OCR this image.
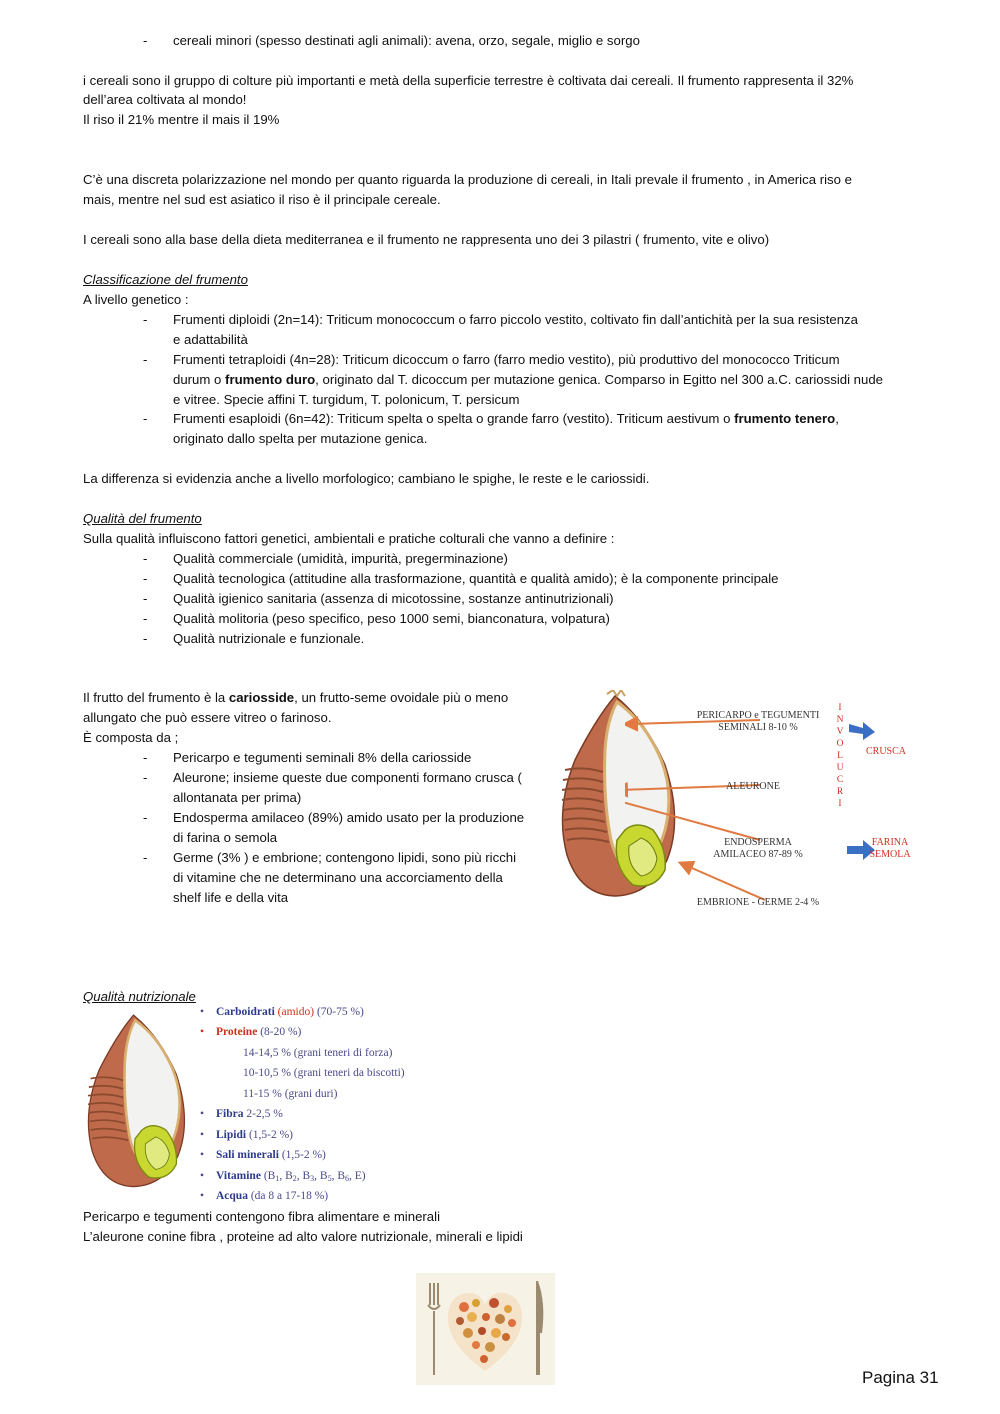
-	cereali minori (spesso destinati agli animali): avena, orzo, segale, miglio e sorgo
i cereali sono il gruppo di colture più importanti e metà della superficie terrestre è coltivata dai cereali. Il frumento rappresenta il 32%
dell’area coltivata al mondo!
Il riso il 21% mentre il mais il 19%
C’è una discreta polarizzazione nel mondo per quanto riguarda la produzione di cereali, in Itali prevale il frumento , in America riso e
mais, mentre nel sud est asiatico il riso è il principale cereale.
I cereali sono alla base della dieta mediterranea e il frumento ne rappresenta uno dei 3 pilastri ( frumento, vite e olivo)
Classificazione del frumento
A livello genetico :
-	Frumenti diploidi (2n=14): Triticum monococcum o farro piccolo vestito, coltivato fin dall’antichità per la sua resistenza
e adattabilità
-	Frumenti tetraploidi (4n=28): Triticum dicoccum o farro (farro medio vestito), più produttivo del monococco Triticum
durum o frumento duro, originato dal T. dicoccum per mutazione genica. Comparso in Egitto nel 300 a.C. cariossidi nude
e vitree. Specie affini T. turgidum, T. polonicum, T. persicum
-	Frumenti esaploidi (6n=42): Triticum spelta o spelta o grande farro (vestito). Triticum aestivum o frumento tenero,
originato dallo spelta per mutazione genica.
La differenza si evidenzia anche a livello morfologico; cambiano le spighe, le reste e le cariossidi.
Qualità del frumento
Sulla qualità influiscono fattori genetici, ambientali e pratiche colturali che vanno a definire :
-	Qualità commerciale (umidità, impurità, pregerminazione)
-	Qualità tecnologica (attitudine alla trasformazione, quantità e qualità amido); è la componente principale
-	Qualità igienico sanitaria (assenza di micotossine, sostanze antinutrizionali)
-	Qualità molitoria (peso specifico, peso 1000 semi, bianconatura, volpatura)
-	Qualità nutrizionale e funzionale.
Il frutto del frumento è la cariosside, un frutto-seme ovoidale più o meno
allungato che può essere vitreo o farinoso.
È composta da ;
-	Pericarpo e tegumenti seminali 8% della cariosside
-	Aleurone; insieme queste due componenti formano crusca (
allontanata per prima)
-	Endosperma amilaceo (89%) amido usato per la produzione
di farina o semola
-	Germe (3% ) e embrione; contengono lipidi, sono più ricchi
di vitamine che ne determinano una accorciamento della
shelf life e della vita
PERICARPO e TEGUMENTI
SEMINALI 8-10 %
ALEURONE
ENDOSPERMA
AMILACEO 87-89 %
EMBRIONE - GERME 2-4 %
I
N
V
O
L
U
C
R
I
CRUSCA
FARINA
SEMOLA
Qualità nutrizionale
• Carboidrati (amido) (70-75 %)
• Proteine (8-20 %)
14-14,5 % (grani teneri di forza)
10-10,5 % (grani teneri da biscotti)
11-15 % (grani duri)
• Fibra 2-2,5 %
• Lipidi (1,5-2 %)
• Sali minerali (1,5-2 %)
• Vitamine ($B_1$, $B_2$, $B_3$, $B_5$, $B_6$, E)
• Acqua (da 8 a 17-18 %)
Pericarpo e tegumenti contengono fibra alimentare e minerali
L’aleurone conine fibra , proteine ad alto valore nutrizionale, minerali e lipidi
Pagina 31
